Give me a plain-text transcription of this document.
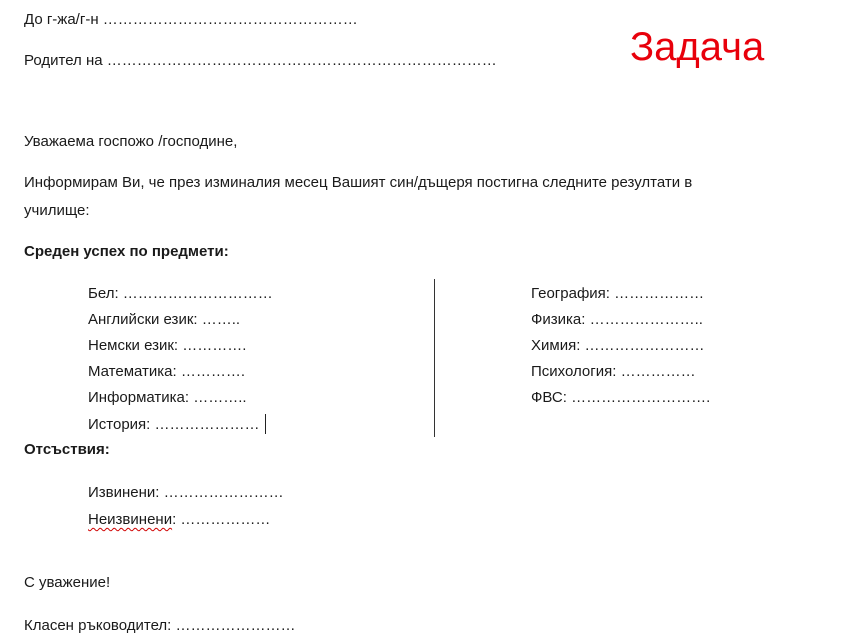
Задача
До г-жа/г-н ……………………………………………
Родител на ……………………………………………………………………
Уважаема госпожо /господине,
Информирам Ви, че през изминалия месец Вашият син/дъщеря постигна следните резултати в
училище:
Среден успех по предмети:
Бел: …………………………
Английски език: ……..
Немски език: ………….
Математика: ………….
Информатика: ………..
История: …………………
География: ………………
Физика: …………………..
Химия: ……………………
Психология: ……………
ФВС: ……………………….
Отсъствия:
Извинени: ……………………
Неизвинени: ………………
С уважение!
Класен ръководител: ……………………
